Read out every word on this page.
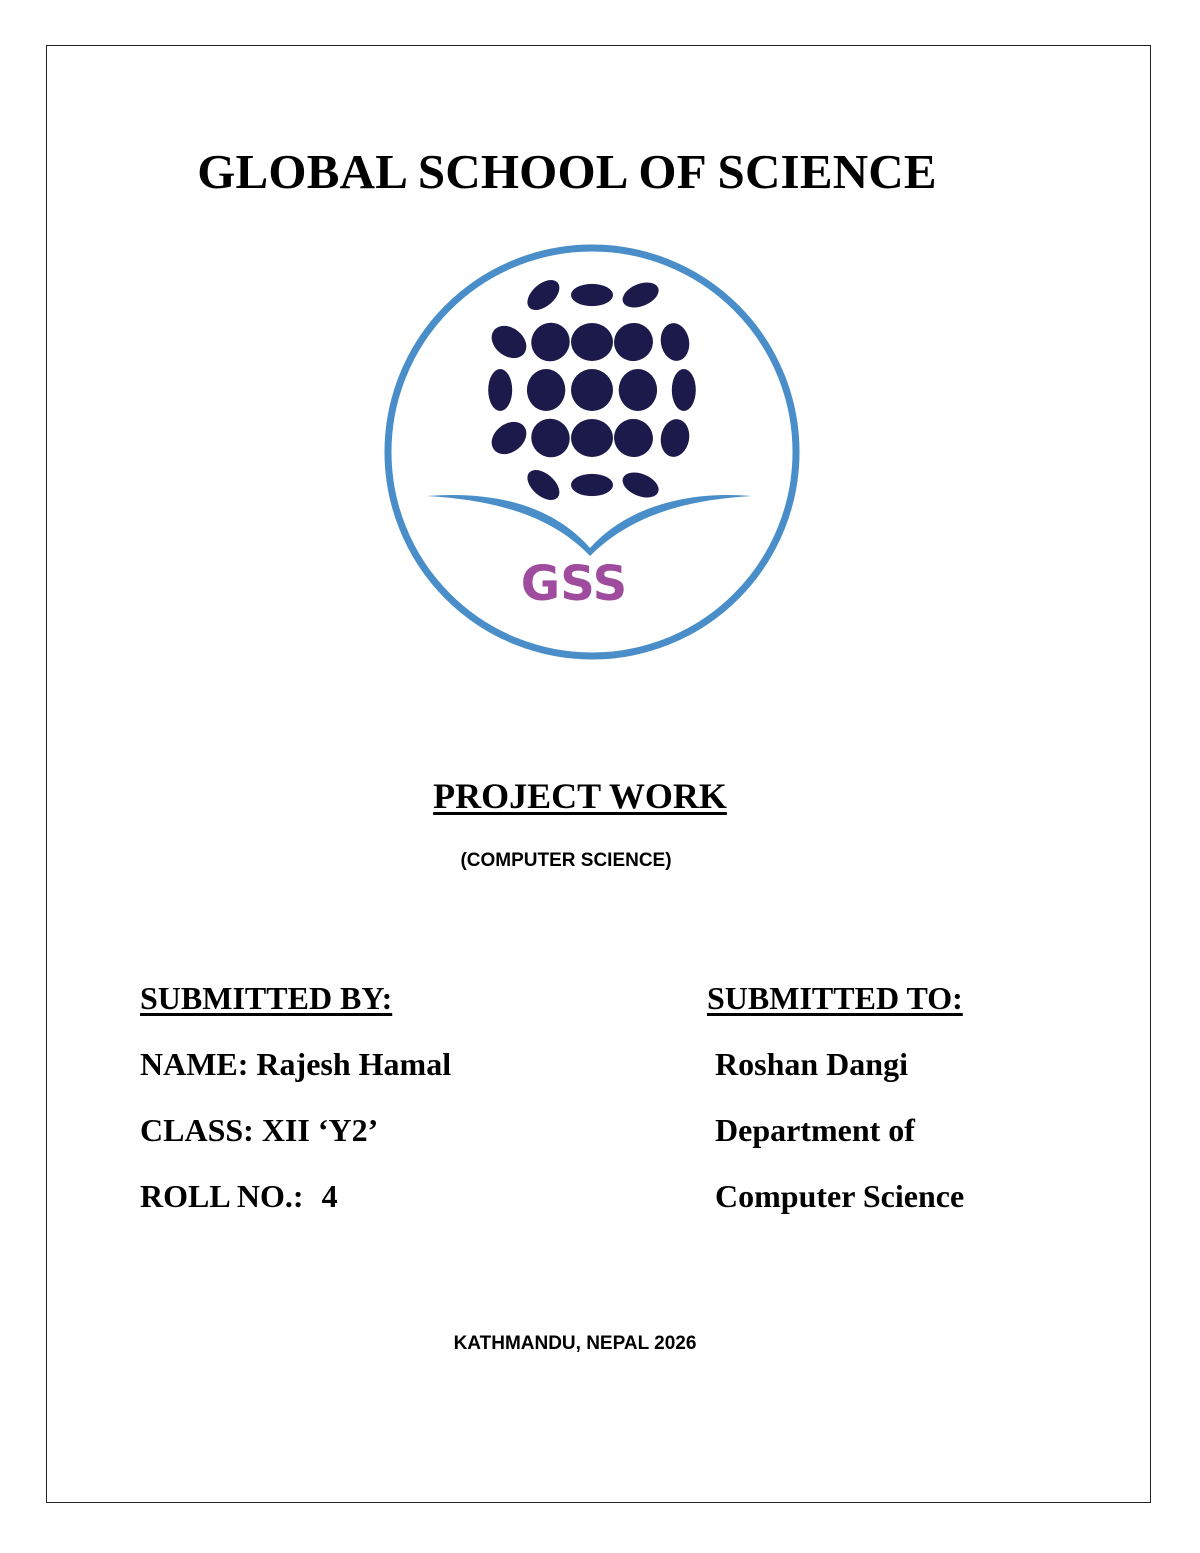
GLOBAL SCHOOL OF SCIENCE
GSS
PROJECT WORK
(COMPUTER SCIENCE)
SUBMITTED BY:
NAME: Rajesh Hamal
CLASS: XII ‘Y2’
ROLL NO.: 4
SUBMITTED TO:
Roshan Dangi
Department of
Computer Science
KATHMANDU, NEPAL 2026
